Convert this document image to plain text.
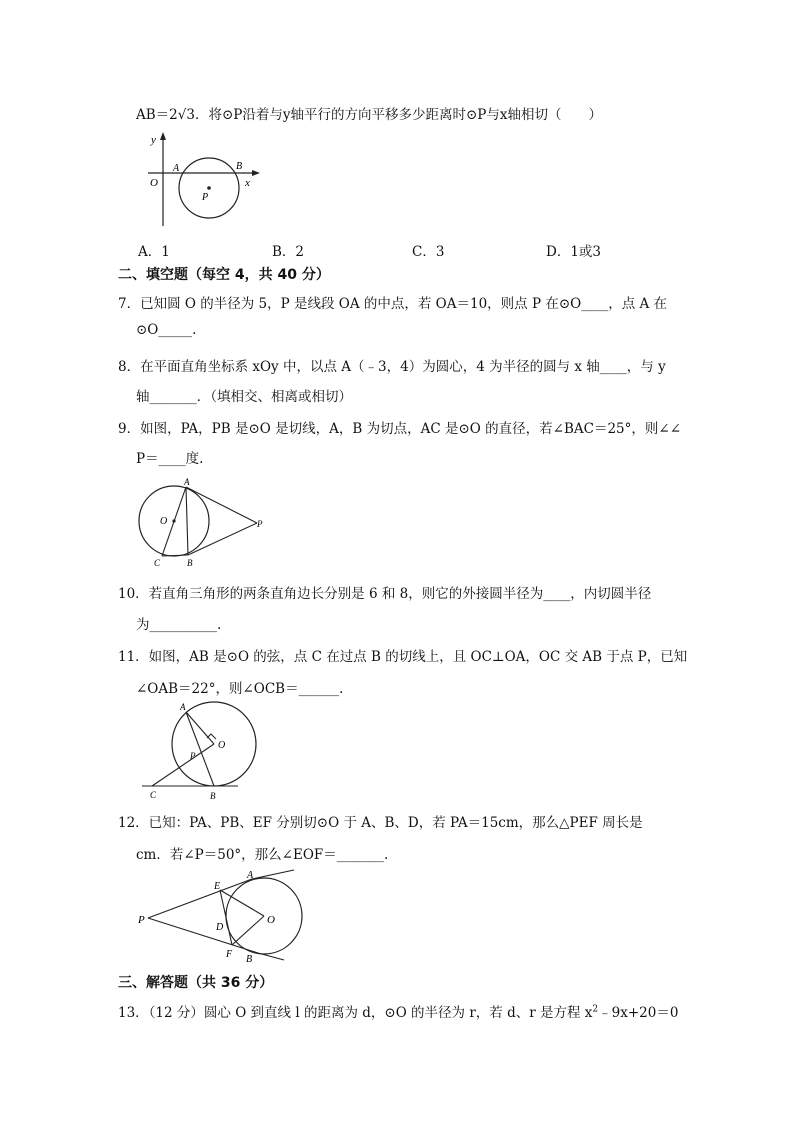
AB＝2√3．将⊙P沿着与y轴平行的方向平移多少距离时⊙P与x轴相切（　　）
y
x
O
A	B
P
A．1	B．2	C．3	D．1或3
二、填空题（每空 4，共 40 分）
7．已知圆 O 的半径为 5，P 是线段 OA 的中点，若 OA＝10，则点 P 在⊙O____，点 A 在
⊙O_____.
8．在平面直角坐标系 xOy 中，以点 A（﹣3，4）为圆心，4 为半径的圆与 x 轴____，与 y
轴_______．（填相交、相离或相切）
9．如图，PA，PB 是⊙O 是切线，A，B 为切点，AC 是⊙O 的直径，若∠BAC＝25°，则∠∠
P＝____度.
A
O
C	B
P
10．若直角三角形的两条直角边长分别是 6 和 8，则它的外接圆半径为____，内切圆半径
为__________.
11．如图，AB 是⊙O 的弦，点 C 在过点 B 的切线上，且 OC⊥OA，OC 交 AB 于点 P，已知
∠OAB＝22°，则∠OCB＝______.
A
O
P
C	B
12．已知：PA、PB、EF 分别切⊙O 于 A、B、D，若 PA＝15cm，那么△PEF 周长是
cm．若∠P＝50°，那么∠EOF＝_______.
E
A
P
D
O
F B
三、解答题（共 36 分）
13．（12 分）圆心 O 到直线 l 的距离为 d，⊙O 的半径为 r，若 d、r 是方程 $x^2﹣9x+20=0$
